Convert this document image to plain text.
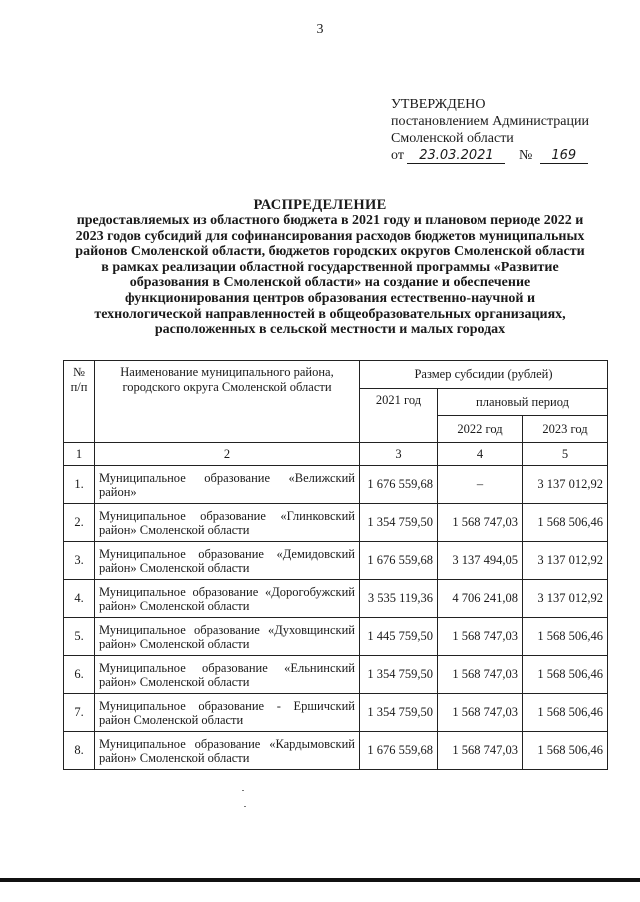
3
УТВЕРЖДЕНО
постановлением Администрации
Смоленской области
от 23.03.2021 № 169
РАСПРЕДЕЛЕНИЕ
предоставляемых из областного бюджета в 2021 году и плановом периоде 2022 и 2023 годов субсидий для софинансирования расходов бюджетов муниципальных районов Смоленской области, бюджетов городских округов Смоленской области в рамках реализации областной государственной программы «Развитие образования в Смоленской области» на создание и обеспечение функционирования центров образования естественно-научной и технологической направленностей в общеобразовательных организациях, расположенных в сельской местности и малых городах
№ п/п	Наименование муниципального района, городского округа Смоленской области	Размер субсидии (рублей)		
		2021 год	плановый период	
			2022 год	2023 год
1	2	3	4	5
1.	Муниципальное образование «Велижский район»	1 676 559,68	–	3 137 012,92
2.	Муниципальное образование «Глинковский район» Смоленской области	1 354 759,50	1 568 747,03	1 568 506,46
3.	Муниципальное образование «Демидовский район» Смоленской области	1 676 559,68	3 137 494,05	3 137 012,92
4.	Муниципальное образование «Дорогобужский район» Смоленской области	3 535 119,36	4 706 241,08	3 137 012,92
5.	Муниципальное образование «Духовщинский район» Смоленской области	1 445 759,50	1 568 747,03	1 568 506,46
6.	Муниципальное образование «Ельнинский район» Смоленской области	1 354 759,50	1 568 747,03	1 568 506,46
7.	Муниципальное образование - Ершичский район Смоленской области	1 354 759,50	1 568 747,03	1 568 506,46
8.	Муниципальное образование «Кардымовский район» Смоленской области	1 676 559,68	1 568 747,03	1 568 506,46
